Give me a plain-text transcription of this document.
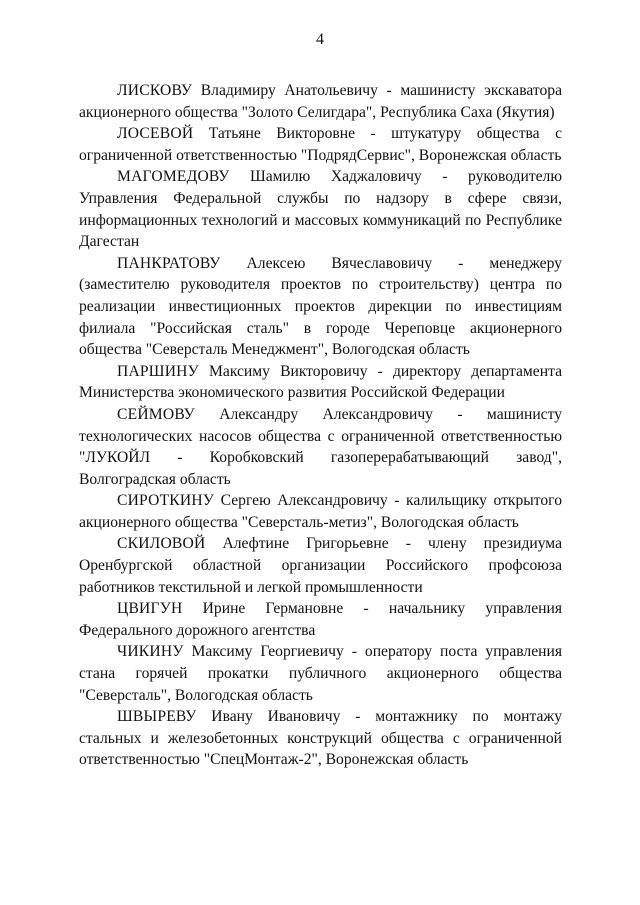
4

ЛИСКОВУ Владимиру Анатольевичу - машинисту экскаватора акционерного общества "Золото Селигдара", Республика Саха (Якутия)

ЛОСЕВОЙ Татьяне Викторовне - штукатуру общества с ограниченной ответственностью "ПодрядСервис", Воронежская область

МАГОМЕДОВУ Шамилю Хаджаловичу - руководителю Управления Федеральной службы по надзору в сфере связи, информационных технологий и массовых коммуникаций по Республике Дагестан

ПАНКРАТОВУ Алексею Вячеславовичу - менеджеру (заместителю руководителя проектов по строительству) центра по реализации инвестиционных проектов дирекции по инвестициям филиала "Российская сталь" в городе Череповце акционерного общества "Северсталь Менеджмент", Вологодская область

ПАРШИНУ Максиму Викторовичу - директору департамента Министерства экономического развития Российской Федерации

СЕЙМОВУ Александру Александровичу - машинисту технологических насосов общества с ограниченной ответственностью "ЛУКОЙЛ - Коробковский газоперерабатывающий завод", Волгоградская область

СИРОТКИНУ Сергею Александровичу - калильщику открытого акционерного общества "Северсталь-метиз", Вологодская область

СКИЛОВОЙ Алефтине Григорьевне - члену президиума Оренбургской областной организации Российского профсоюза работников текстильной и легкой промышленности

ЦВИГУН Ирине Германовне - начальнику управления Федерального дорожного агентства

ЧИКИНУ Максиму Георгиевичу - оператору поста управления стана горячей прокатки публичного акционерного общества "Северсталь", Вологодская область

ШВЫРЕВУ Ивану Ивановичу - монтажнику по монтажу стальных и железобетонных конструкций общества с ограниченной ответственностью "СпецМонтаж-2", Воронежская область
